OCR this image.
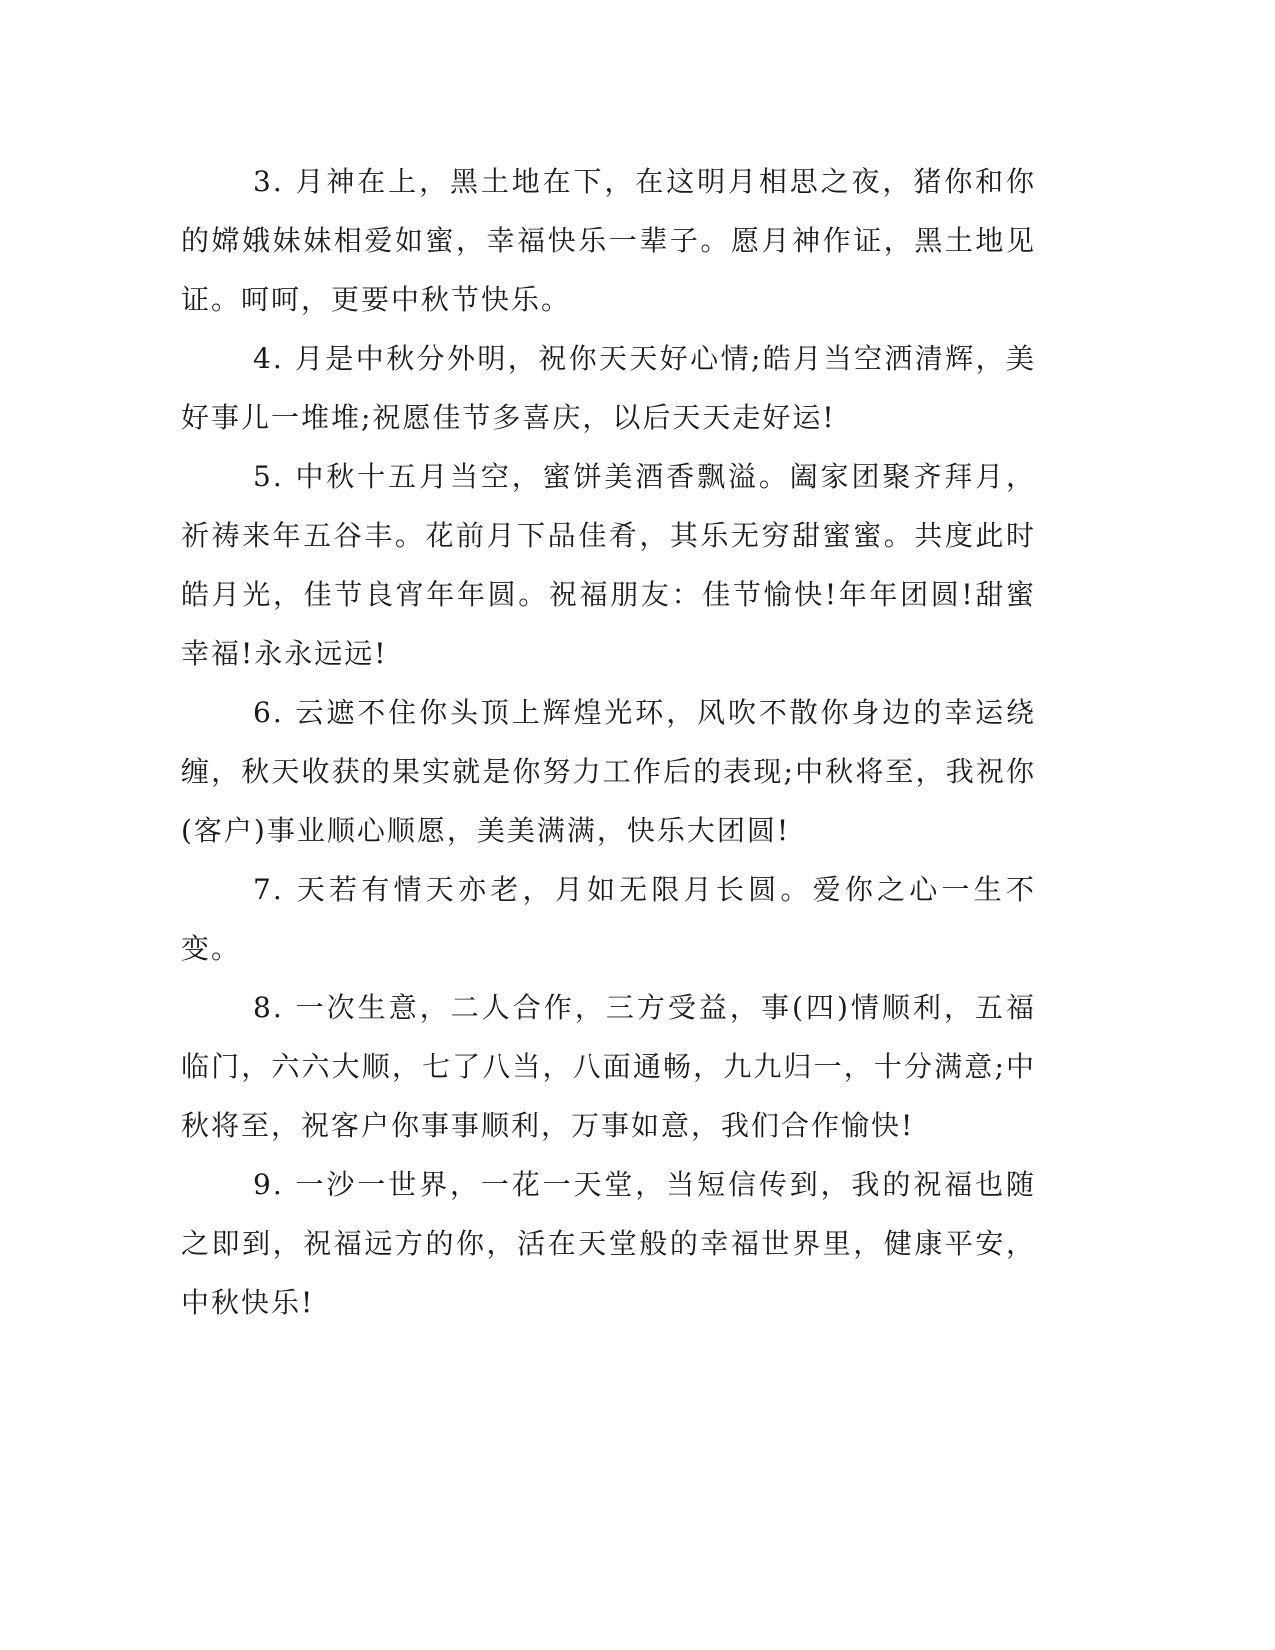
3. 月神在上，黑土地在下，在这明月相思之夜，猪你和你的嫦娥妹妹相爱如蜜，幸福快乐一辈子。愿月神作证，黑土地见证。呵呵，更要中秋节快乐。

4. 月是中秋分外明，祝你天天好心情;皓月当空洒清辉，美好事儿一堆堆;祝愿佳节多喜庆，以后天天走好运!

5. 中秋十五月当空，蜜饼美酒香飘溢。阖家团聚齐拜月，祈祷来年五谷丰。花前月下品佳肴，其乐无穷甜蜜蜜。共度此时皓月光，佳节良宵年年圆。祝福朋友：佳节愉快!年年团圆!甜蜜幸福!永永远远!

6. 云遮不住你头顶上辉煌光环，风吹不散你身边的幸运绕缠，秋天收获的果实就是你努力工作后的表现;中秋将至，我祝你(客户)事业顺心顺愿，美美满满，快乐大团圆!

7. 天若有情天亦老，月如无限月长圆。爱你之心一生不变。

8. 一次生意，二人合作，三方受益，事(四)情顺利，五福临门，六六大顺，七了八当，八面通畅，九九归一，十分满意;中秋将至，祝客户你事事顺利，万事如意，我们合作愉快!

9. 一沙一世界，一花一天堂，当短信传到，我的祝福也随之即到，祝福远方的你，活在天堂般的幸福世界里，健康平安，中秋快乐!
